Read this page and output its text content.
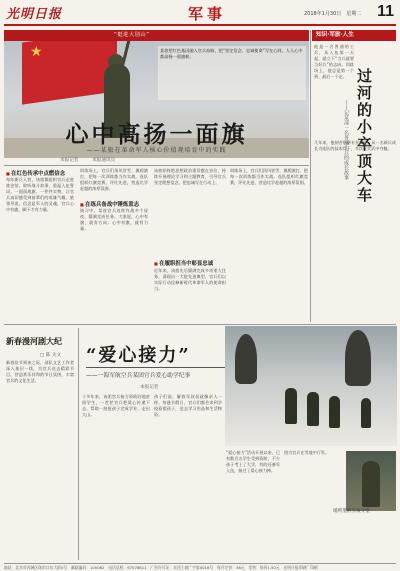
光明日报	军事	2018年1月30日　星期二 11
★
“挺进大别山”
某旅把红色基因融入官兵血脉，把“坚定信念、忠诚使命”写在心间，人人心中都高扬一面旗帜。
心中高扬一面旗
——某旅在革命军人核心价值观培育中的实践
本报记者　　　本报通讯员
■ 在红色传承中点燃信念
每年新兵入营，该旅都组织官兵走进旅史馆，聆听战斗故事，重温入伍誓词。一面面战旗、一件件实物，让官兵真切感受到前辈们的英雄气概。旅领导说，信念是军人的灵魂，官兵心中有旗，脚下才有力量。
■ 在练兵备战中锤炼意志
训练场上，官兵们顶风冒雪、摸爬滚打，把每一次训练都当作实战。连队组织红旗竞赛，评比先进，营造比学赶超的浓厚氛围。
演习中，某连官兵连续作战多个昼夜，圆满完成任务。大家说，心中有旗，就有方向；心中有旗，就有力量。
■ 在履职担当中彰显忠诚
该旅始终把思想政治建设摆在首位，持续开展理论学习和主题教育，引导官兵坚定理想信念，把忠诚写在行动上。
近年来，该旅先后圆满完成多项重大任务，涌现出一大批先进典型，官兵们以实际行动诠释新时代革命军人的使命担当。
训练场上，官兵们顶风冒雪、摸爬滚打，把每一次训练都当作实战。连队组织红旗竞赛，评比先进，营造比学赶超的浓厚氛围。
知识·军旅·人生
他是一名普通的士兵，从入伍第一天起，就立下“当兵就要当好兵”的志向。训练场上，他总是第一个到、最后一个走。 过河的小卒顶大车
——记某部一名普通士兵的成长故事
几年来，他刻苦钻研专业技能，从一名新兵成长为连队的技术骨干，多次在比武中夺魁。
新春漫河剧大纪
□ 陈 关文
新春佳节到来之际，部队文艺工作者深入基层一线，为官兵送去精彩节目，营造欢乐祥和的节日氛围，丰富官兵的文化生活。
“爱心接力”
——一海军航空兵某团官兵爱心助学纪事
本报记者
十多年来，该团官兵接力资助驻地贫困学生，一茬茬官兵把爱心传递下去，帮助一批批孩子完成学业、走出大山。
孩子们说，解放军叔叔就像亲人一样。每逢节假日，官兵们都会来到学校看望孩子，送去学习用品和生活物资。
“爱心接力”活动开展以来，已有数百名学生受到资助，不少孩子考上了大学，有的还参军入伍，接过了爱心接力棒。
图为官兵在雪地中行军。
哨所里的雪夜守望
地址：北京市西城区珠市口东大街5号　邮政编码：100062　电话总机：67078811　广告许可证：京西工商广字第0016号　每月定价：36元　零售：每份1.50元　光明日报印刷厂印刷
